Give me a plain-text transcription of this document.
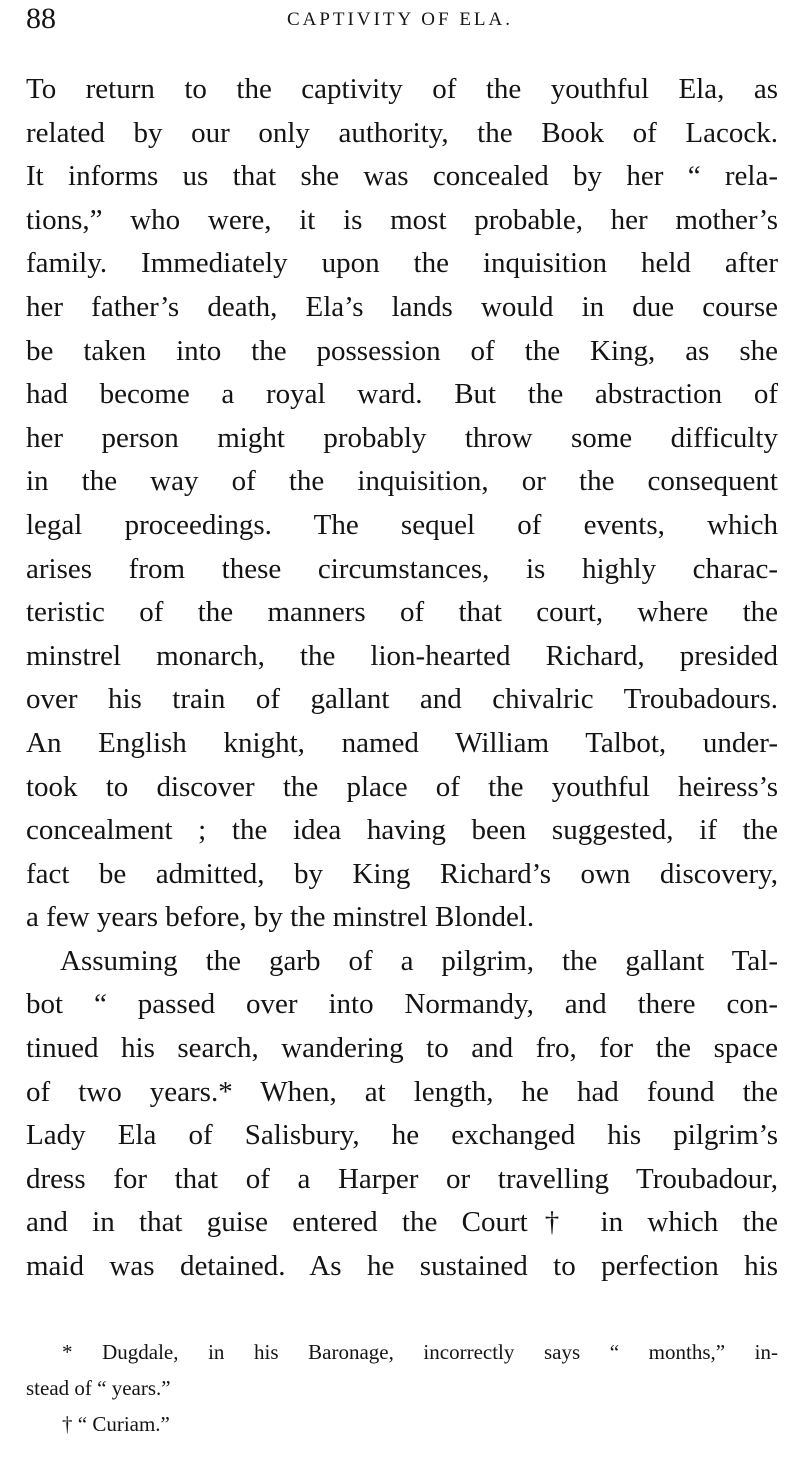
88	CAPTIVITY OF ELA.
To return to the captivity of the youthful Ela, as
related by our only authority, the Book of Lacock.
It informs us that she was concealed by her “ rela-
tions,” who were, it is most probable, her mother’s
family. Immediately upon the inquisition held after
her father’s death, Ela’s lands would in due course
be taken into the possession of the King, as she
had become a royal ward. But the abstraction of
her person might probably throw some difficulty
in the way of the inquisition, or the consequent
legal proceedings. The sequel of events, which
arises from these circumstances, is highly charac-
teristic of the manners of that court, where the
minstrel monarch, the lion-hearted Richard, presided
over his train of gallant and chivalric Troubadours.
An English knight, named William Talbot, under-
took to discover the place of the youthful heiress’s
concealment ; the idea having been suggested, if the
fact be admitted, by King Richard’s own discovery,
a few years before, by the minstrel Blondel.
Assuming the garb of a pilgrim, the gallant Tal-
bot “ passed over into Normandy, and there con-
tinued his search, wandering to and fro, for the space
of two years.* When, at length, he had found the
Lady Ela of Salisbury, he exchanged his pilgrim’s
dress for that of a Harper or travelling Troubadour,
and in that guise entered the Court† in which the
maid was detained. As he sustained to perfection his
* Dugdale, in his Baronage, incorrectly says “ months,” in-
stead of “ years.”
† “ Curiam.”
